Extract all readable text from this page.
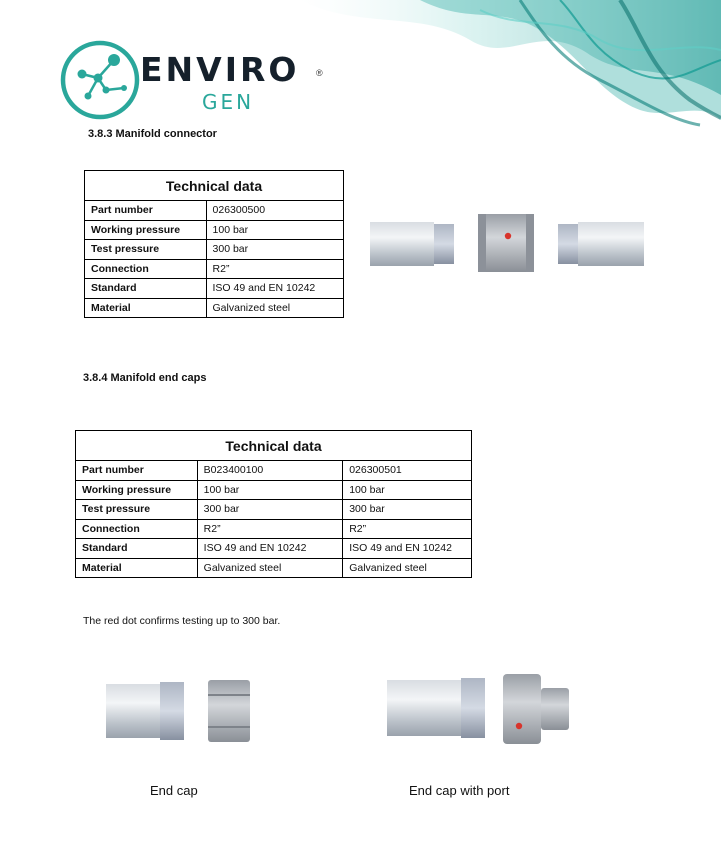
ENVIRO ®
GEN
3.8.3 Manifold connector
Technical data	
Part number	026300500
Working pressure	100 bar
Test pressure	300 bar
Connection	R2”
Standard	ISO 49 and EN 10242
Material	Galvanized steel
3.8.4 Manifold end caps
Technical data		
Part number	B023400100	026300501
Working pressure	100 bar	100 bar
Test pressure	300 bar	300 bar
Connection	R2”	R2”
Standard	ISO 49 and EN 10242	ISO 49 and EN 10242
Material	Galvanized steel	Galvanized steel
The red dot confirms testing up to 300 bar.
End cap	End cap with port
